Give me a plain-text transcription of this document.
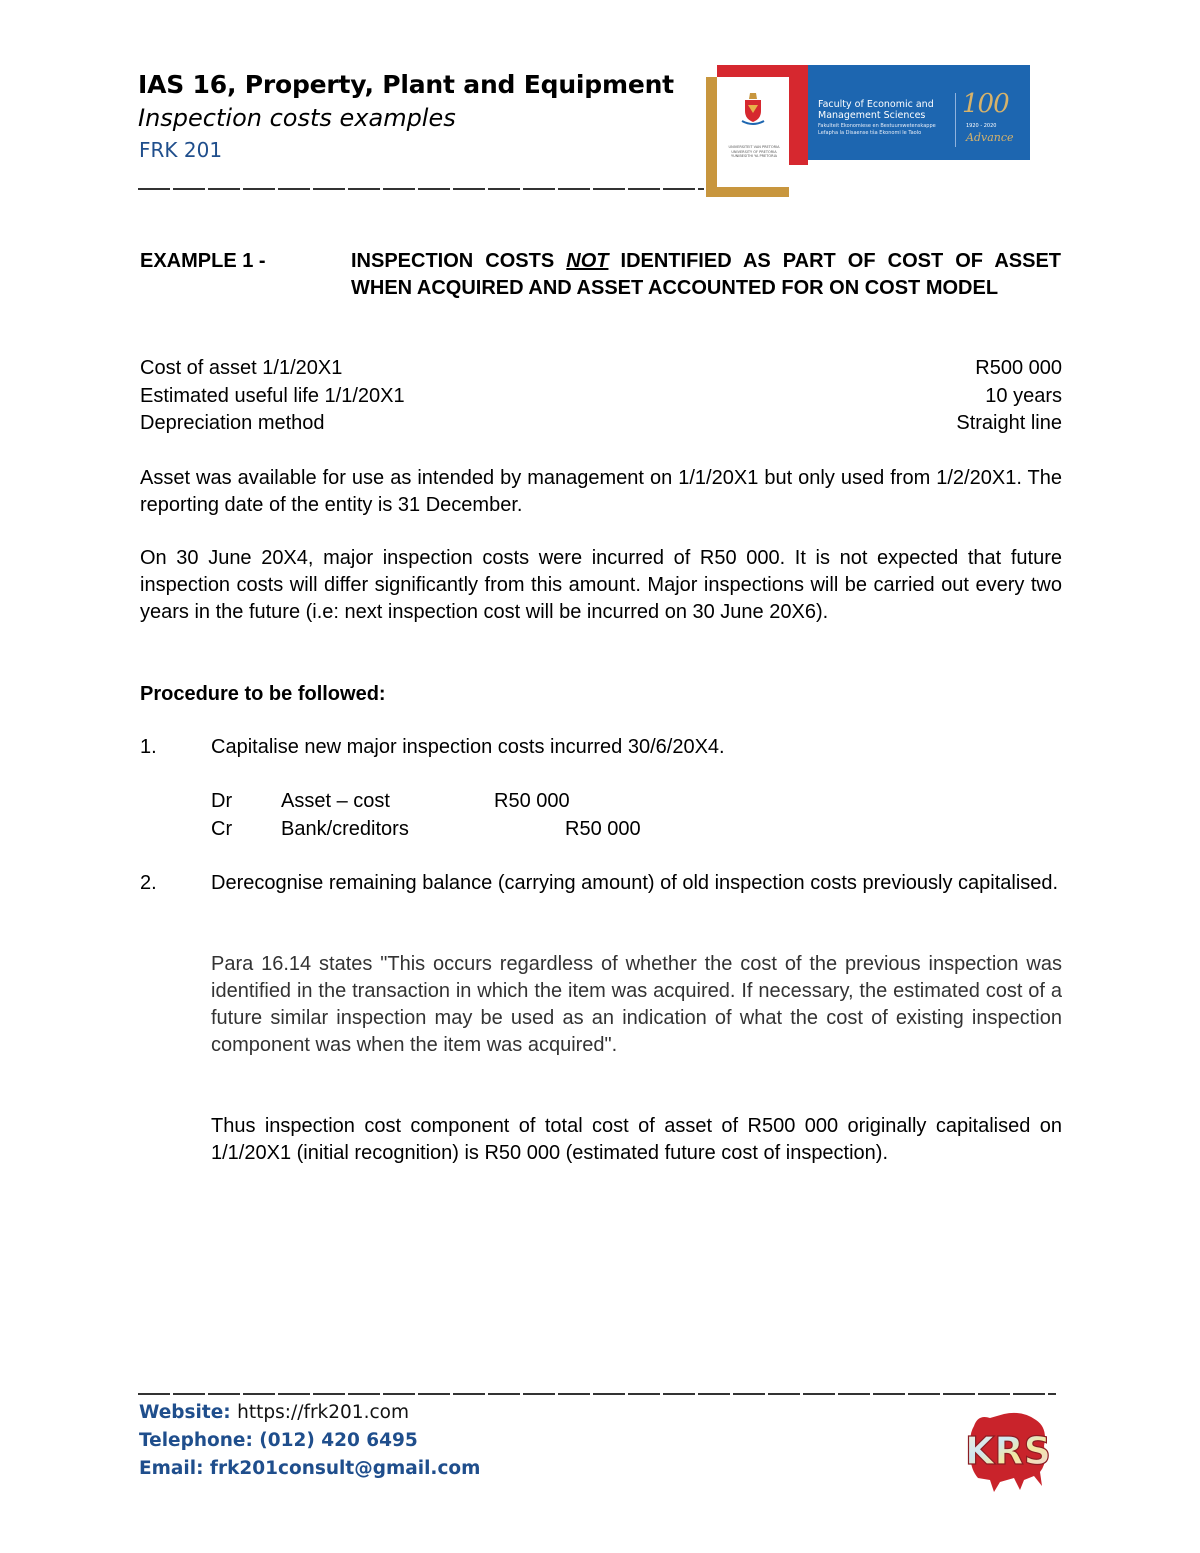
IAS 16, Property, Plant and Equipment
Inspection costs examples
FRK 201	UNIVERSITEIT VAN PRETORIA UNIVERSITY OF PRETORIA YUNIBESITHI YA PRETORIA
Faculty of Economic and
Management Sciences
Fakulteit Ekonomiese en Bestuurswetenskappe
Lefapha la Disaense tša Ekonomi le Taolo
100
1920 - 2020
Advance
EXAMPLE 1 -	INSPECTION COSTS NOT IDENTIFIED AS PART OF COST OF ASSET WHEN ACQUIRED AND ASSET ACCOUNTED FOR ON COST MODEL
Cost of asset 1/1/20X1	R500 000
Estimated useful life 1/1/20X1	10 years
Depreciation method	Straight line
Asset was available for use as intended by management on 1/1/20X1 but only used from 1/2/20X1. The reporting date of the entity is 31 December.
On 30 June 20X4, major inspection costs were incurred of R50 000. It is not expected that future inspection costs will differ significantly from this amount. Major inspections will be carried out every two years in the future (i.e: next inspection cost will be incurred on 30 June 20X6).
Procedure to be followed:
1.	Capitalise new major inspection costs incurred 30/6/20X4.
Dr Asset – cost	R50 000
Cr Bank/creditors	R50 000
2.	Derecognise remaining balance (carrying amount) of old inspection costs previously capitalised.
Para 16.14 states "This occurs regardless of whether the cost of the previous inspection was identified in the transaction in which the item was acquired. If necessary, the estimated cost of a future similar inspection may be used as an indication of what the cost of existing inspection component was when the item was acquired".
Thus inspection cost component of total cost of asset of R500 000 originally capitalised on 1/1/20X1 (initial recognition) is R50 000 (estimated future cost of inspection).
Website: https://frk201.com
Telephone: (012) 420 6495
Email: frk201consult@gmail.com	KRS
